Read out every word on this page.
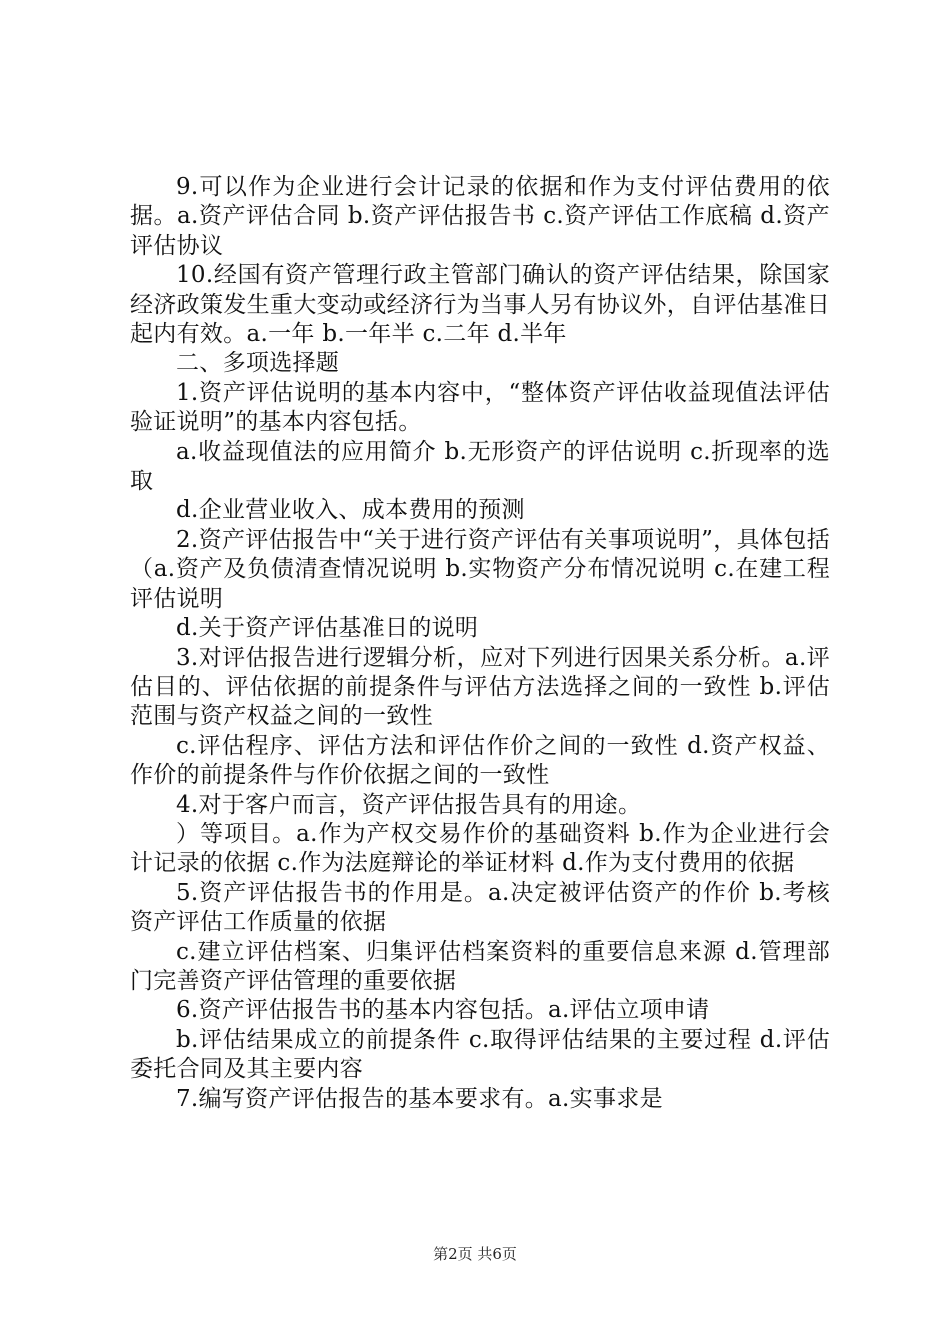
9.可以作为企业进行会计记录的依据和作为支付评估费用的依据。a.资产评估合同 b.资产评估报告书 c.资产评估工作底稿 d.资产评估协议

10.经国有资产管理行政主管部门确认的资产评估结果，除国家经济政策发生重大变动或经济行为当事人另有协议外，自评估基准日起内有效。a.一年 b.一年半 c.二年 d.半年

二、多项选择题

1.资产评估说明的基本内容中，“整体资产评估收益现值法评估验证说明”的基本内容包括。

a.收益现值法的应用简介 b.无形资产的评估说明 c.折现率的选取

d.企业营业收入、成本费用的预测

2.资产评估报告中“关于进行资产评估有关事项说明”，具体包括（a.资产及负债清查情况说明 b.实物资产分布情况说明 c.在建工程评估说明

d.关于资产评估基准日的说明

3.对评估报告进行逻辑分析，应对下列进行因果关系分析。a.评估目的、评估依据的前提条件与评估方法选择之间的一致性 b.评估范围与资产权益之间的一致性

c.评估程序、评估方法和评估作价之间的一致性 d.资产权益、作价的前提条件与作价依据之间的一致性

4.对于客户而言，资产评估报告具有的用途。

）等项目。a.作为产权交易作价的基础资料 b.作为企业进行会计记录的依据 c.作为法庭辩论的举证材料 d.作为支付费用的依据

5.资产评估报告书的作用是。a.决定被评估资产的作价 b.考核资产评估工作质量的依据

c.建立评估档案、归集评估档案资料的重要信息来源 d.管理部门完善资产评估管理的重要依据

6.资产评估报告书的基本内容包括。a.评估立项申请

b.评估结果成立的前提条件 c.取得评估结果的主要过程 d.评估委托合同及其主要内容

7.编写资产评估报告的基本要求有。a.实事求是

第2页 共6页
